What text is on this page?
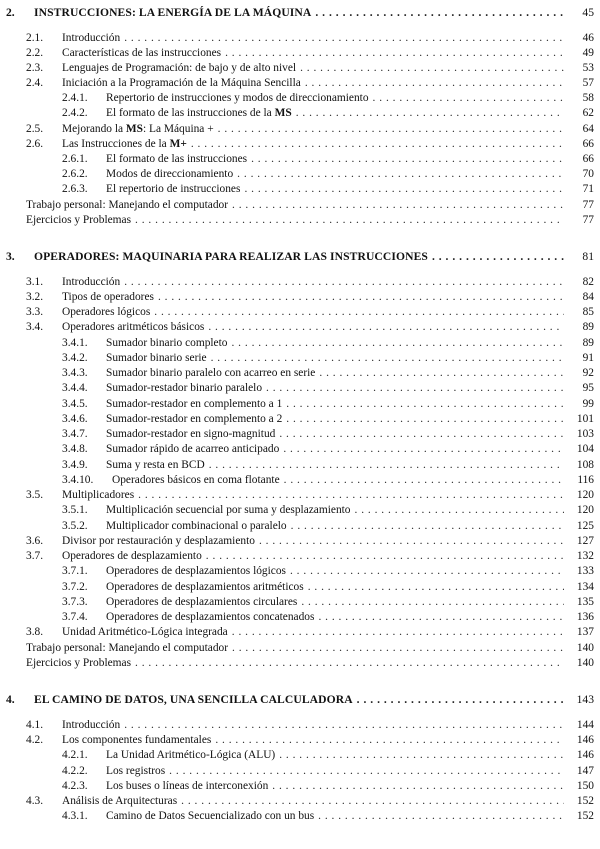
2.	INSTRUCCIONES: LA ENERGÍA DE LA MÁQUINA . . .	45
2.1.	Introducción . . .	46
2.2.	Características de las instrucciones . . .	49
2.3.	Lenguajes de Programación: de bajo y de alto nivel . . .	53
2.4.	Iniciación a la Programación de la Máquina Sencilla . . .	57
2.4.1.	Repertorio de instrucciones y modos de direccionamiento . . .	58
2.4.2.	El formato de las instrucciones de la MS . . .	62
2.5.	Mejorando la MS: La Máquina + . . .	64
2.6.	Las Instrucciones de la M+ . . .	66
2.6.1.	El formato de las instrucciones . . .	66
2.6.2.	Modos de direccionamiento . . .	70
2.6.3.	El repertorio de instrucciones . . .	71
Trabajo personal: Manejando el computador . . .	77
Ejercicios y Problemas . . .	77
3.	OPERADORES: MAQUINARIA PARA REALIZAR LAS INSTRUCCIONES . . .	81
3.1.	Introducción . . .	82
3.2.	Tipos de operadores . . .	84
3.3.	Operadores lógicos . . .	85
3.4.	Operadores aritméticos básicos . . .	89
3.4.1.	Sumador binario completo . . .	89
3.4.2.	Sumador binario serie . . .	91
3.4.3.	Sumador binario paralelo con acarreo en serie . . .	92
3.4.4.	Sumador-restador binario paralelo . . .	95
3.4.5.	Sumador-restador en complemento a 1 . . .	99
3.4.6.	Sumador-restador en complemento a 2 . . .	101
3.4.7.	Sumador-restador en signo-magnitud . . .	103
3.4.8.	Sumador rápido de acarreo anticipado . . .	104
3.4.9.	Suma y resta en BCD . . .	108
3.4.10.	Operadores básicos en coma flotante . . .	116
3.5.	Multiplicadores . . .	120
3.5.1.	Multiplicación secuencial por suma y desplazamiento . . .	120
3.5.2.	Multiplicador combinacional o paralelo . . .	125
3.6.	Divisor por restauración y desplazamiento . . .	127
3.7.	Operadores de desplazamiento . . .	132
3.7.1.	Operadores de desplazamientos lógicos . . .	133
3.7.2.	Operadores de desplazamientos aritméticos . . .	134
3.7.3.	Operadores de desplazamientos circulares . . .	135
3.7.4.	Operadores de desplazamientos concatenados . . .	136
3.8.	Unidad Aritmético-Lógica integrada . . .	137
Trabajo personal: Manejando el computador . . .	140
Ejercicios y Problemas . . .	140
4.	EL CAMINO DE DATOS, UNA SENCILLA CALCULADORA . . .	143
4.1.	Introducción . . .	144
4.2.	Los componentes fundamentales . . .	146
4.2.1.	La Unidad Aritmético-Lógica (ALU) . . .	146
4.2.2.	Los registros . . .	147
4.2.3.	Los buses o líneas de interconexión . . .	150
4.3.	Análisis de Arquitecturas . . .	152
4.3.1.	Camino de Datos Secuencializado con un bus . . .	152
